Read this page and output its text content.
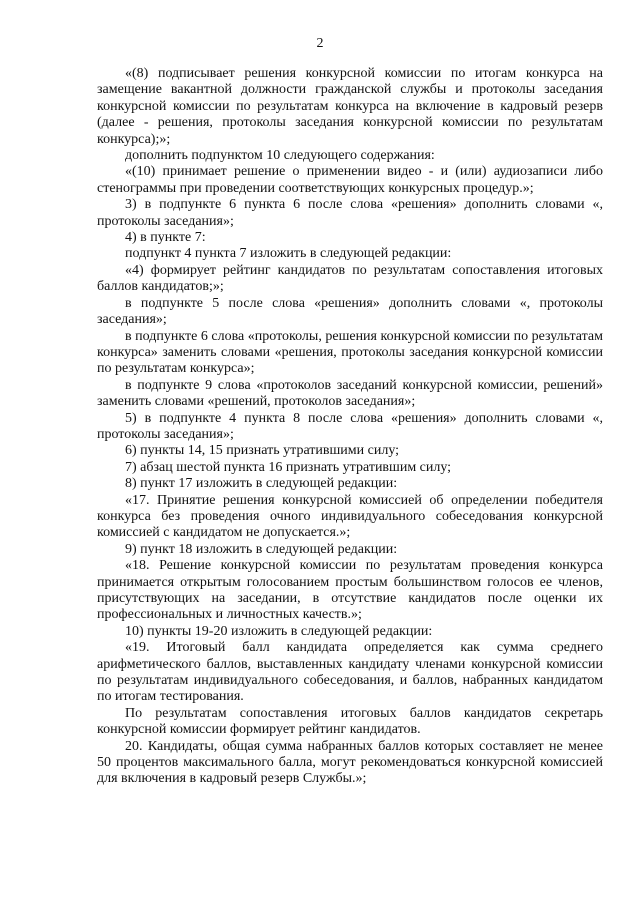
2

«(8) подписывает решения конкурсной комиссии по итогам конкурса на замещение вакантной должности гражданской службы и протоколы заседания конкурсной комиссии по результатам конкурса на включение в кадровый резерв (далее - решения, протоколы заседания конкурсной комиссии по результатам конкурса);»;

дополнить подпунктом 10 следующего содержания:

«(10) принимает решение о применении видео - и (или) аудиозаписи либо стенограммы при проведении соответствующих конкурсных процедур.»;

3) в подпункте 6 пункта 6 после слова «решения» дополнить словами «, протоколы заседания»;

4) в пункте 7:

подпункт 4 пункта 7 изложить в следующей редакции:

«4) формирует рейтинг кандидатов по результатам сопоставления итоговых баллов кандидатов;»;

в подпункте 5 после слова «решения» дополнить словами «, протоколы заседания»;

в подпункте 6 слова «протоколы, решения конкурсной комиссии по результатам конкурса» заменить словами «решения, протоколы заседания конкурсной комиссии по результатам конкурса»;

в подпункте 9 слова «протоколов заседаний конкурсной комиссии, решений» заменить словами «решений, протоколов заседания»;

5) в подпункте 4 пункта 8 после слова «решения» дополнить словами «, протоколы заседания»;

6) пункты 14, 15 признать утратившими силу;

7) абзац шестой пункта 16 признать утратившим силу;

8) пункт 17 изложить в следующей редакции:

«17. Принятие решения конкурсной комиссией об определении победителя конкурса без проведения очного индивидуального собеседования конкурсной комиссией с кандидатом не допускается.»;

9) пункт 18 изложить в следующей редакции:

«18. Решение конкурсной комиссии по результатам проведения конкурса принимается открытым голосованием простым большинством голосов ее членов, присутствующих на заседании, в отсутствие кандидатов после оценки их профессиональных и личностных качеств.»;

10) пункты 19-20 изложить в следующей редакции:

«19. Итоговый балл кандидата определяется как сумма среднего арифметического баллов, выставленных кандидату членами конкурсной комиссии по результатам индивидуального собеседования, и баллов, набранных кандидатом по итогам тестирования.

По результатам сопоставления итоговых баллов кандидатов секретарь конкурсной комиссии формирует рейтинг кандидатов.

20. Кандидаты, общая сумма набранных баллов которых составляет не менее 50 процентов максимального балла, могут рекомендоваться конкурсной комиссией для включения в кадровый резерв Службы.»;
